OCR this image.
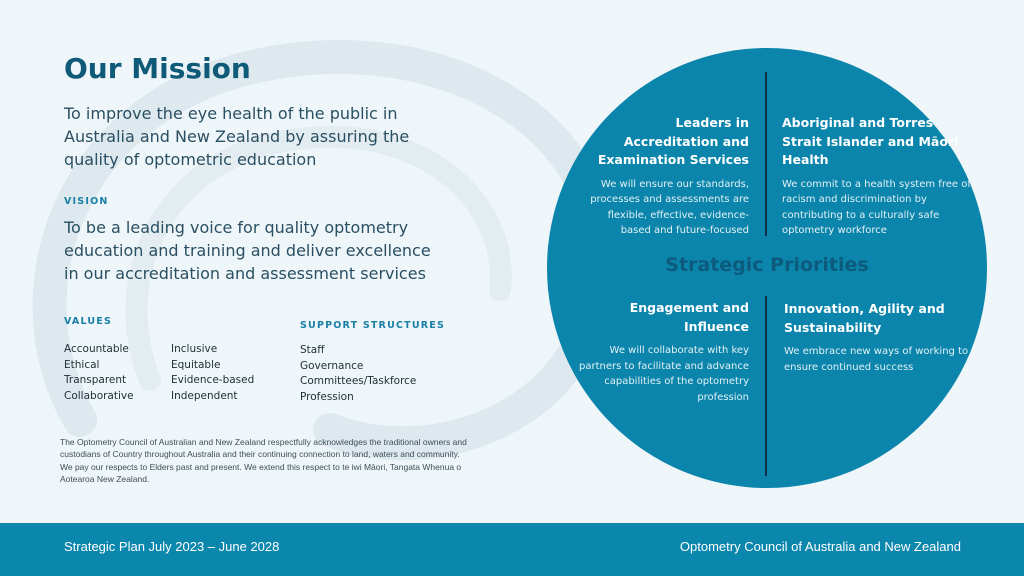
Our Mission
To improve the eye health of the public in Australia and New Zealand by assuring the quality of optometric education
VISION
To be a leading voice for quality optometry education and training and deliver excellence in our accreditation and assessment services
VALUES
Accountable
Ethical
Transparent
Collaborative
Inclusive
Equitable
Evidence-based
Independent
SUPPORT STRUCTURES
Staff
Governance
Committees/Taskforce
Profession
The Optometry Council of Australian and New Zealand respectfully acknowledges the traditional owners and custodians of Country throughout Australia and their continuing connection to land, waters and community. We pay our respects to Elders past and present. We extend this respect to te iwi Māori, Tangata Whenua o Aotearoa New Zealand.
Leaders in Accreditation and Examination Services
We will ensure our standards, processes and assessments are flexible, effective, evidence-based and future-focused
Aboriginal and Torres Strait Islander and Māori Health
We commit to a health system free of racism and discrimination by contributing to a culturally safe optometry workforce
Strategic Priorities
Engagement and Influence
We will collaborate with key partners to facilitate and advance capabilities of the optometry profession
Innovation, Agility and Sustainability
We embrace new ways of working to ensure continued success
Strategic Plan July 2023 – June 2028	Optometry Council of Australia and New Zealand
